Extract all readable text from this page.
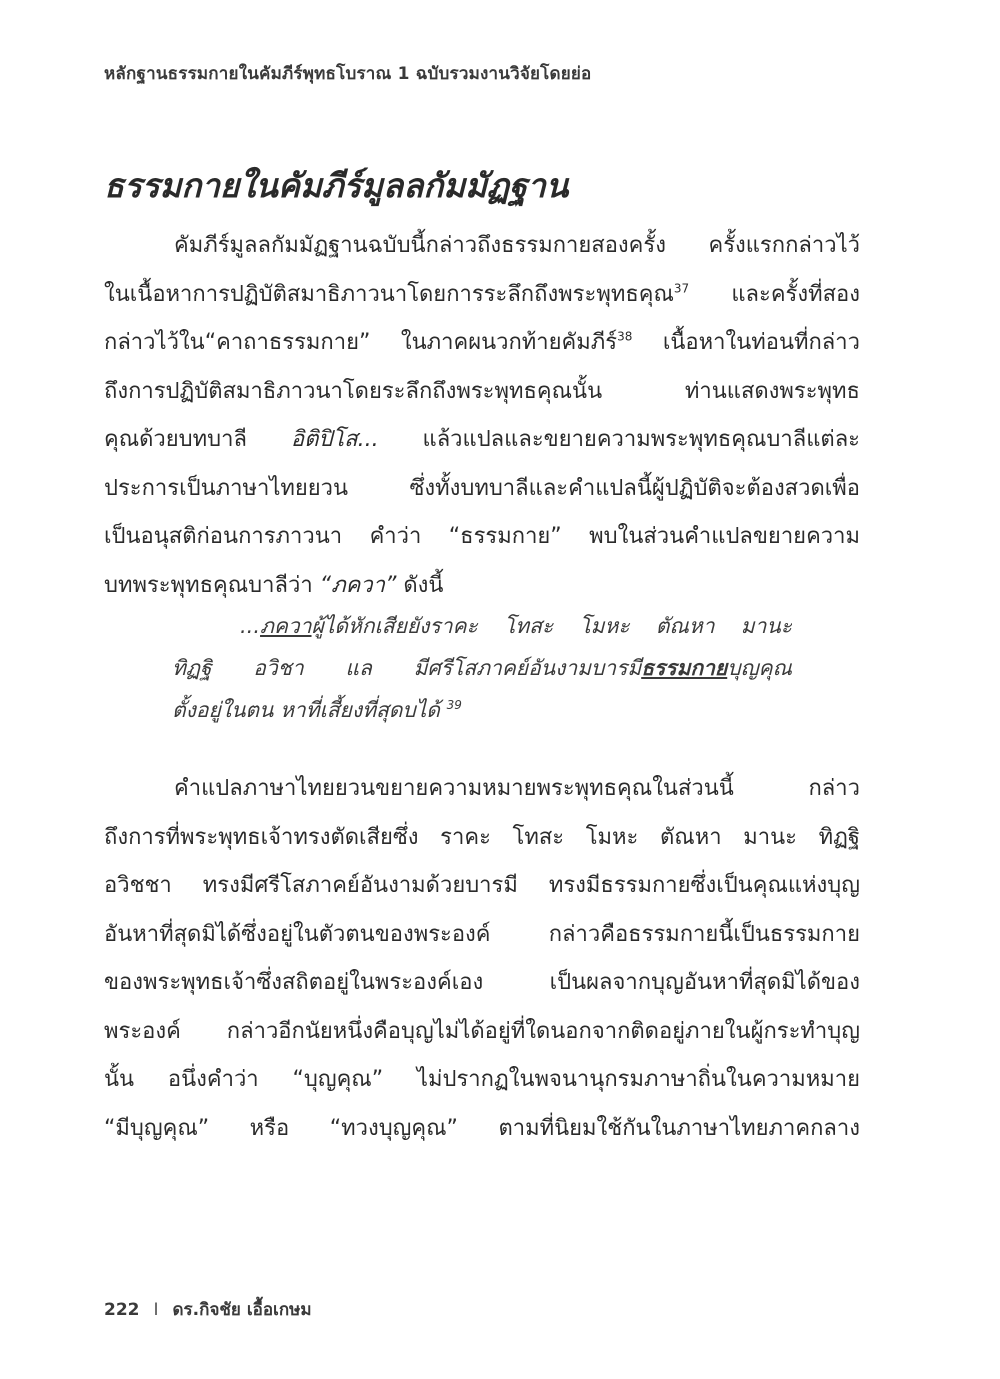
หลักฐานธรรมกายในคัมภีร์พุทธโบราณ 1 ฉบับรวมงานวิจัยโดยย่อ
ธรรมกายในคัมภีร์มูลลกัมมัฏฐาน
คัมภีร์มูลลกัมมัฏฐานฉบับนี้กล่าวถึงธรรมกายสองครั้ง ครั้งแรกกล่าวไว้
ในเนื้อหาการปฏิบัติสมาธิภาวนาโดยการระลึกถึงพระพุทธคุณ$^{37}$ และครั้งที่สอง
กล่าวไว้ใน“คาถาธรรมกาย” ในภาคผนวกท้ายคัมภีร์$^{38}$ เนื้อหาในท่อนที่กล่าว
ถึงการปฏิบัติสมาธิภาวนาโดยระลึกถึงพระพุทธคุณนั้น ท่านแสดงพระพุทธ
คุณด้วยบทบาลี อิติปิโส... แล้วแปลและขยายความพระพุทธคุณบาลีแต่ละ
ประการเป็นภาษาไทยยวน ซึ่งทั้งบทบาลีและคำแปลนี้ผู้ปฏิบัติจะต้องสวดเพื่อ
เป็นอนุสติก่อนการภาวนา คำว่า “ธรรมกาย” พบในส่วนคำแปลขยายความ
บทพระพุทธคุณบาลีว่า “ภควา” ดังนี้
...ภควาผู้ได้หักเสียยังราคะ โทสะ โมหะ ตัณหา มานะ
ทิฏฐิ อวิชา แล มีศรีโสภาคย์อันงามบารมีธรรมกายบุญคุณ
ตั้งอยู่ในตน หาที่เสี้ยงที่สุดบได้ $^{39}$
คำแปลภาษาไทยยวนขยายความหมายพระพุทธคุณในส่วนนี้ กล่าว
ถึงการที่พระพุทธเจ้าทรงตัดเสียซึ่ง ราคะ โทสะ โมหะ ตัณหา มานะ ทิฏฐิ
อวิชชา ทรงมีศรีโสภาคย์อันงามด้วยบารมี ทรงมีธรรมกายซึ่งเป็นคุณแห่งบุญ
อันหาที่สุดมิได้ซึ่งอยู่ในตัวตนของพระองค์ กล่าวคือธรรมกายนี้เป็นธรรมกาย
ของพระพุทธเจ้าซึ่งสถิตอยู่ในพระองค์เอง เป็นผลจากบุญอันหาที่สุดมิได้ของ
พระองค์ กล่าวอีกนัยหนึ่งคือบุญไม่ได้อยู่ที่ใดนอกจากติดอยู่ภายในผู้กระทำบุญ
นั้น อนึ่งคำว่า “บุญคุณ” ไม่ปรากฏในพจนานุกรมภาษาถิ่นในความหมาย
“มีบุญคุณ” หรือ “ทวงบุญคุณ” ตามที่นิยมใช้กันในภาษาไทยภาคกลาง
222 I ดร.กิจชัย เอื้อเกษม
